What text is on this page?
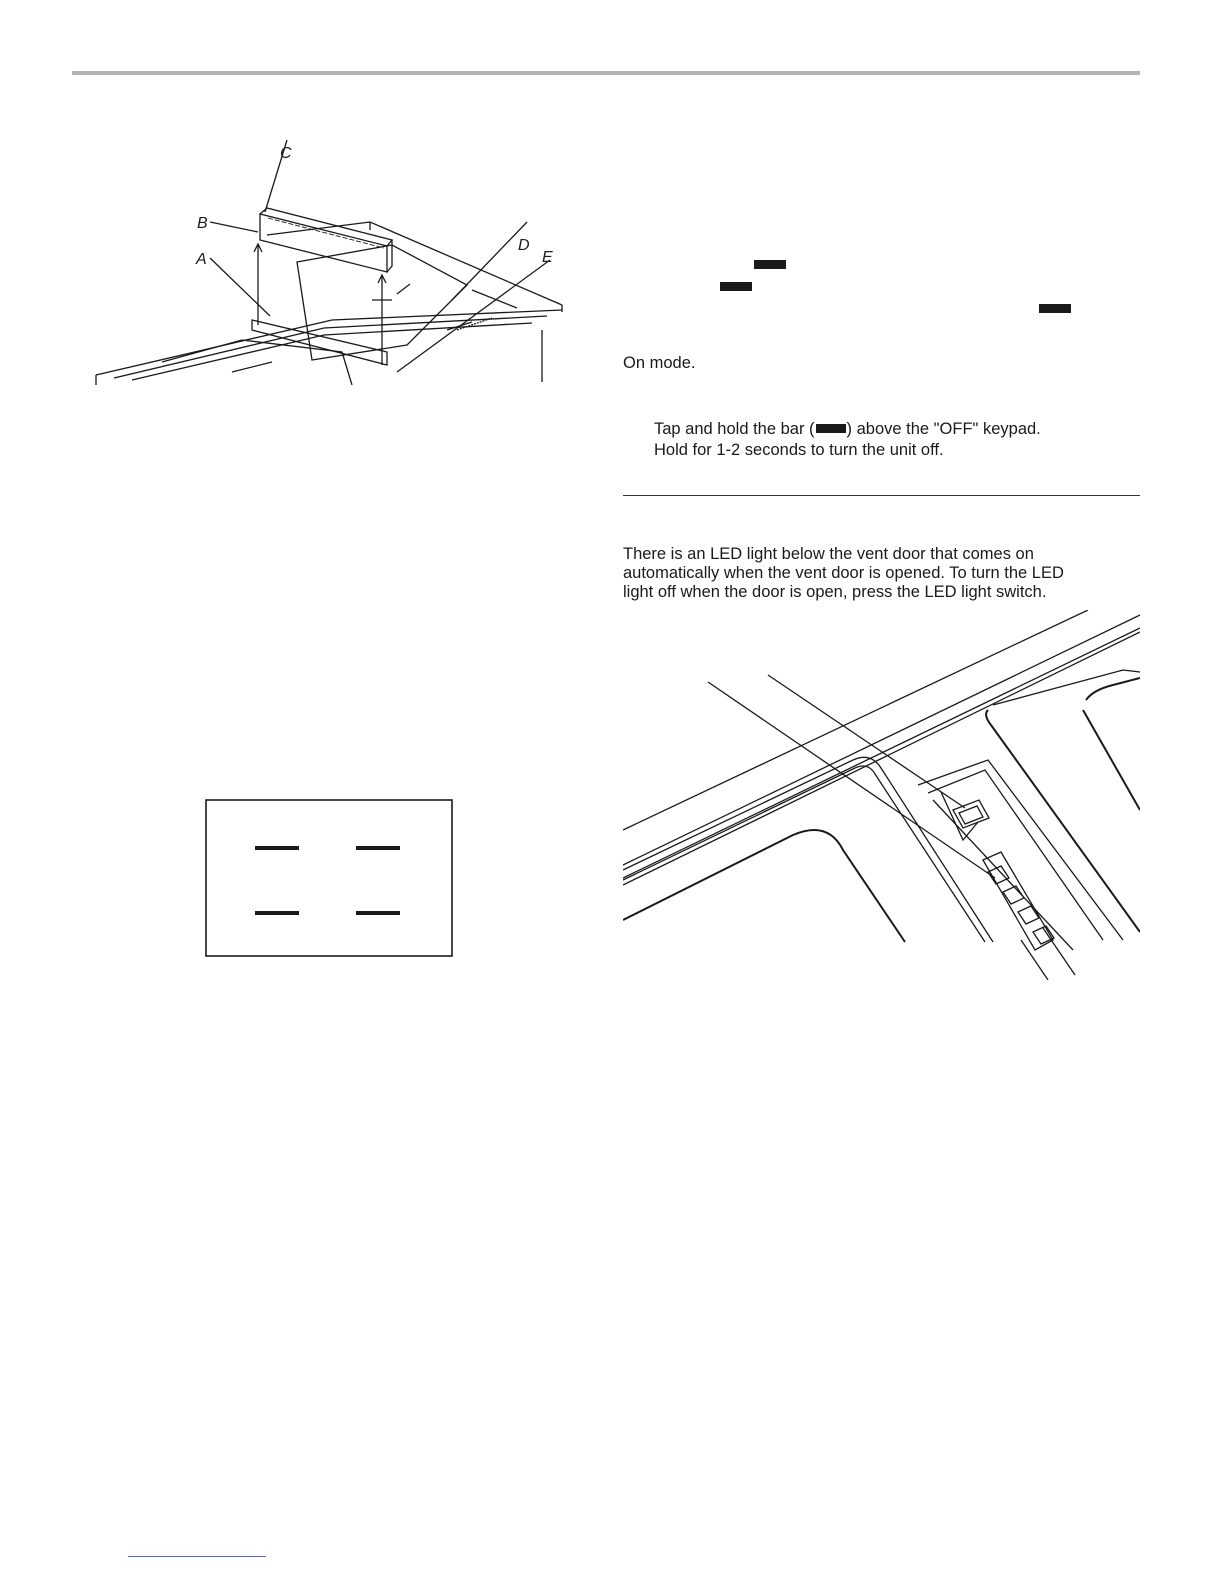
C
B
A
D
E

On mode.

Tap and hold the bar ( ) above the "OFF" keypad.

Hold for 1-2 seconds to turn the unit off.

There is an LED light below the vent door that comes on

automatically when the vent door is opened. To turn the LED

light off when the door is open, press the LED light switch.
